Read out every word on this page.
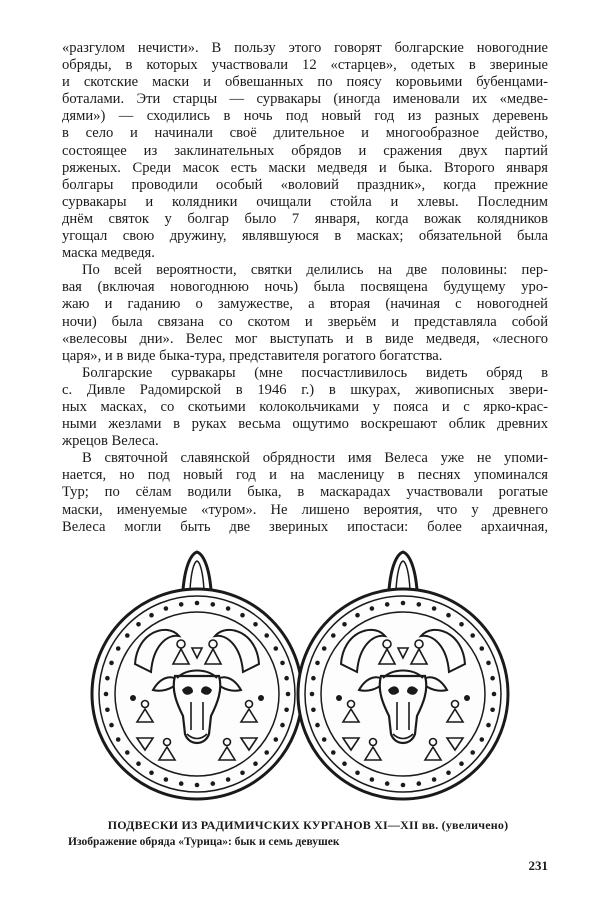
«разгулом нечисти». В пользу этого говорят болгарские новогодние
обряды, в которых участвовали 12 «старцев», одетых в звериные
и скотские маски и обвешанных по поясу коровьими бубенцами-
боталами. Эти старцы — сурвакары (иногда именовали их «медве-
дями») — сходились в ночь под новый год из разных деревень
в село и начинали своё длительное и многообразное действо,
состоящее из заклинательных обрядов и сражения двух партий
ряженых. Среди масок есть маски медведя и быка. Второго января
болгары проводили особый «воловий праздник», когда прежние
сурвакары и колядники очищали стойла и хлевы. Последним
днём святок у болгар было 7 января, когда вожак колядников
угощал свою дружину, являвшуюся в масках; обязательной была
маска медведя.
По всей вероятности, святки делились на две половины: пер-
вая (включая новогоднюю ночь) была посвящена будущему уро-
жаю и гаданию о замужестве, а вторая (начиная с новогодней
ночи) была связана со скотом и зверьём и представляла собой
«велесовы дни». Велес мог выступать и в виде медведя, «лесного
царя», и в виде быка-тура, представителя рогатого богатства.
Болгарские сурвакары (мне посчастливилось видеть обряд в
с. Дивле Радомирской в 1946 г.) в шкурах, живописных звери-
ных масках, со скотьими колокольчиками у пояса и с ярко-крас-
ными жезлами в руках весьма ощутимо воскрешают облик древних
жрецов Велеса.
В святочной славянской обрядности имя Велеса уже не упоми-
нается, но под новый год и на масленицу в песнях упоминался
Тур; по сёлам водили быка, в маскарадах участвовали рогатые
маски, именуемые «туром». Не лишено вероятия, что у древнего
Велеса могли быть две звериных ипостаси: более архаичная,
ПОДВЕСКИ ИЗ РАДИМИЧСКИХ КУРГАНОВ XI—XII вв. (увеличено)
Изображение обряда «Турица»: бык и семь девушек
231
